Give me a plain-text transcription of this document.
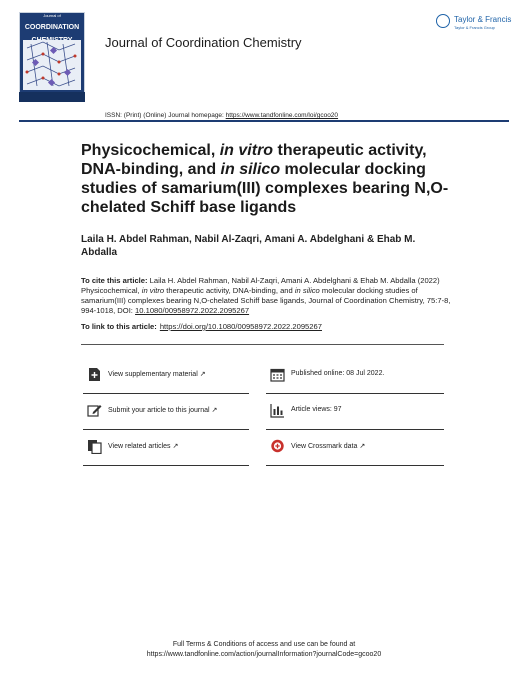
Journal of
COORDINATION
Journal of Coordination Chemistry
Taylor & Francis
Taylor & Francis Group
ISSN: (Print) (Online) Journal homepage: https://www.tandfonline.com/loi/gcoo20
Physicochemical, in vitro therapeutic activity, DNA-binding, and in silico molecular docking studies of samarium(III) complexes bearing N,O-chelated Schiff base ligands
Laila H. Abdel Rahman, Nabil Al-Zaqri, Amani A. Abdelghani & Ehab M. Abdalla
To cite this article: Laila H. Abdel Rahman, Nabil Al-Zaqri, Amani A. Abdelghani & Ehab M. Abdalla (2022) Physicochemical, in vitro therapeutic activity, DNA-binding, and in silico molecular docking studies of samarium(III) complexes bearing N,O-chelated Schiff base ligands, Journal of Coordination Chemistry, 75:7-8, 994-1018, DOI: 10.1080/00958972.2022.2095267
To link to this article: https://doi.org/10.1080/00958972.2022.2095267
View supplementary material ↗	Published online: 08 Jul 2022.
Submit your article to this journal ↗	Article views: 97
View related articles ↗	View Crossmark data ↗
Full Terms & Conditions of access and use can be found at
https://www.tandfonline.com/action/journalInformation?journalCode=gcoo20
